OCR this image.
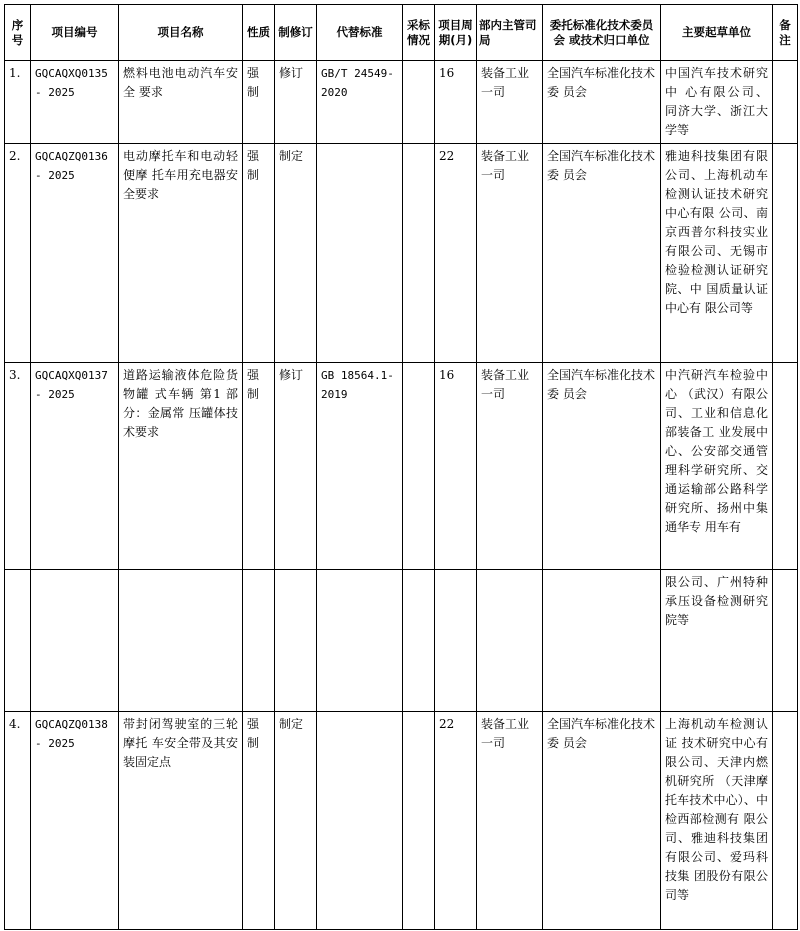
序号	项目编号	项目名称	性质	制修订	代替标准	采标情况	项目周期(月)	部内主管司局	委托标准化技术委员会 或技术归口单位	主要起草单位	备注
1.	GQCAQXQ0135- 2025	燃料电池电动汽车安全 要求	强制	修订	GB/T 24549-2020		16	装备工业一司	全国汽车标准化技术委 员会	中国汽车技术研究中 心有限公司、 同济大学、浙江大学等	
2.	GQCAQZQ0136- 2025	电动摩托车和电动轻便摩 托车用充电器安全要求	强制	制定			22	装备工业一司	全国汽车标准化技术委 员会	雅迪科技集团有限公司、上海机动车检测认证技术研究中心有限 公司、南京西普尔科技实业有限公司、无锡市 检验检测认证研究院、中 国质量认证中心有 限公司等	
3.	GQCAQXQ0137- 2025	道路运输液体危险货物罐 式车辆 第1 部分：金属常 压罐体技术要求	强制	修订	GB 18564.1-2019		16	装备工业一司	全国汽车标准化技术委 员会	中汽研汽车检验中心 （武汉）有限公司、工业和信息化部装备工 业发展中心、公安部交通管理科学研究所、交 通运输部公路科学研究所、扬州中集通华专 用车有	
										限公司、广州特种承压设备检测研究 院等	
4.	GQCAQZQ0138- 2025	带封闭驾驶室的三轮摩托 车安全带及其安装固定点	强制	制定			22	装备工业一司	全国汽车标准化技术委 员会	上海机动车检测认证 技术研究中心有限公司、天津内燃机研究所 （天津摩托车技术中心）、中检西部检测有 限公司、雅迪科技集团有限公司、爱玛科技集 团股份有限公司等	
